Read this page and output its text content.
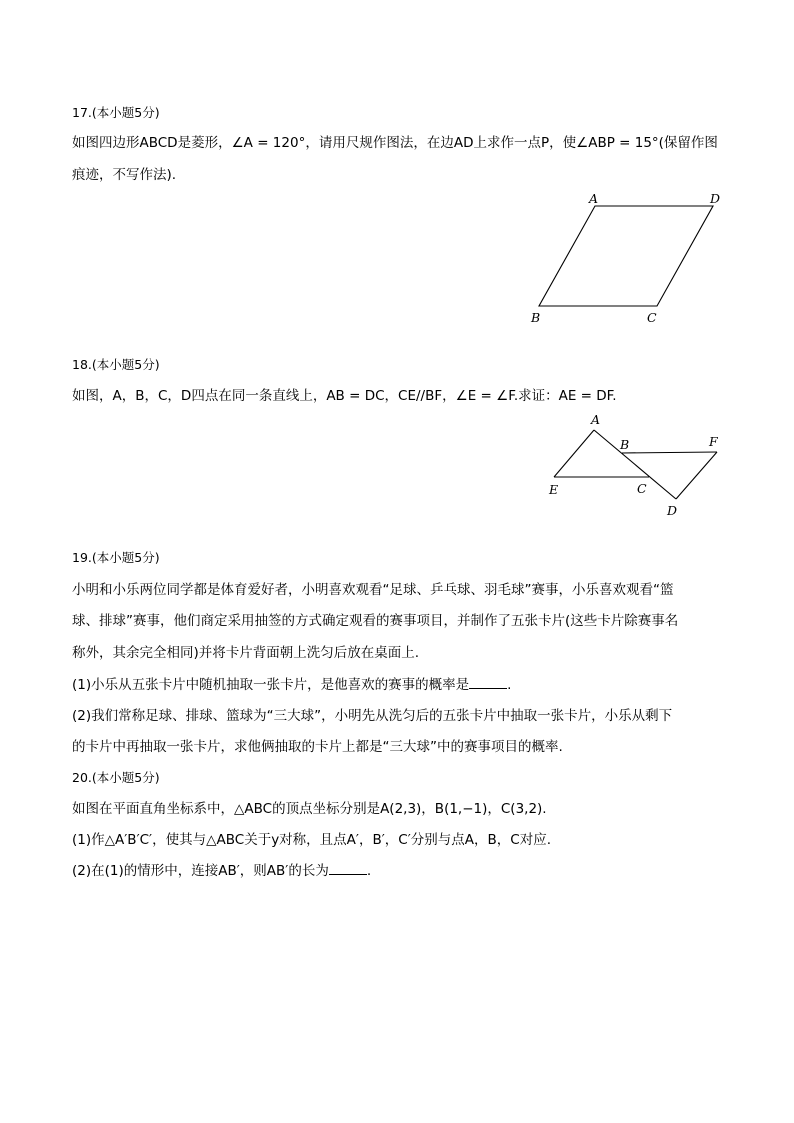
17.(本小题5分)
如图四边形ABCD是菱形，∠A = 120°，请用尺规作图法，在边AD上求作一点P，使∠ABP = 15°(保留作图
痕迹，不写作法).
A	D
B	C
18.(本小题5分)
如图，A，B，C，D四点在同一条直线上，AB = DC，CE//BF，∠E = ∠F.求证：AE = DF.
A
B	F
E	C
D
19.(本小题5分)
小明和小乐两位同学都是体育爱好者，小明喜欢观看“足球、乒乓球、羽毛球”赛事，小乐喜欢观看“篮
球、排球”赛事，他们商定采用抽签的方式确定观看的赛事项目，并制作了五张卡片(这些卡片除赛事名
称外，其余完全相同)并将卡片背面朝上洗匀后放在桌面上.
(1)小乐从五张卡片中随机抽取一张卡片，是他喜欢的赛事的概率是	.
(2)我们常称足球、排球、篮球为“三大球”，小明先从洗匀后的五张卡片中抽取一张卡片，小乐从剩下
的卡片中再抽取一张卡片，求他俩抽取的卡片上都是“三大球”中的赛事项目的概率.
20.(本小题5分)
如图在平面直角坐标系中，△ABC的顶点坐标分别是A(2,3)，B(1,−1)，C(3,2).
(1)作△A′B′C′，使其与△ABC关于y对称，且点A′，B′，C′分别与点A，B，C对应.
(2)在(1)的情形中，连接AB′，则AB′的长为	.
